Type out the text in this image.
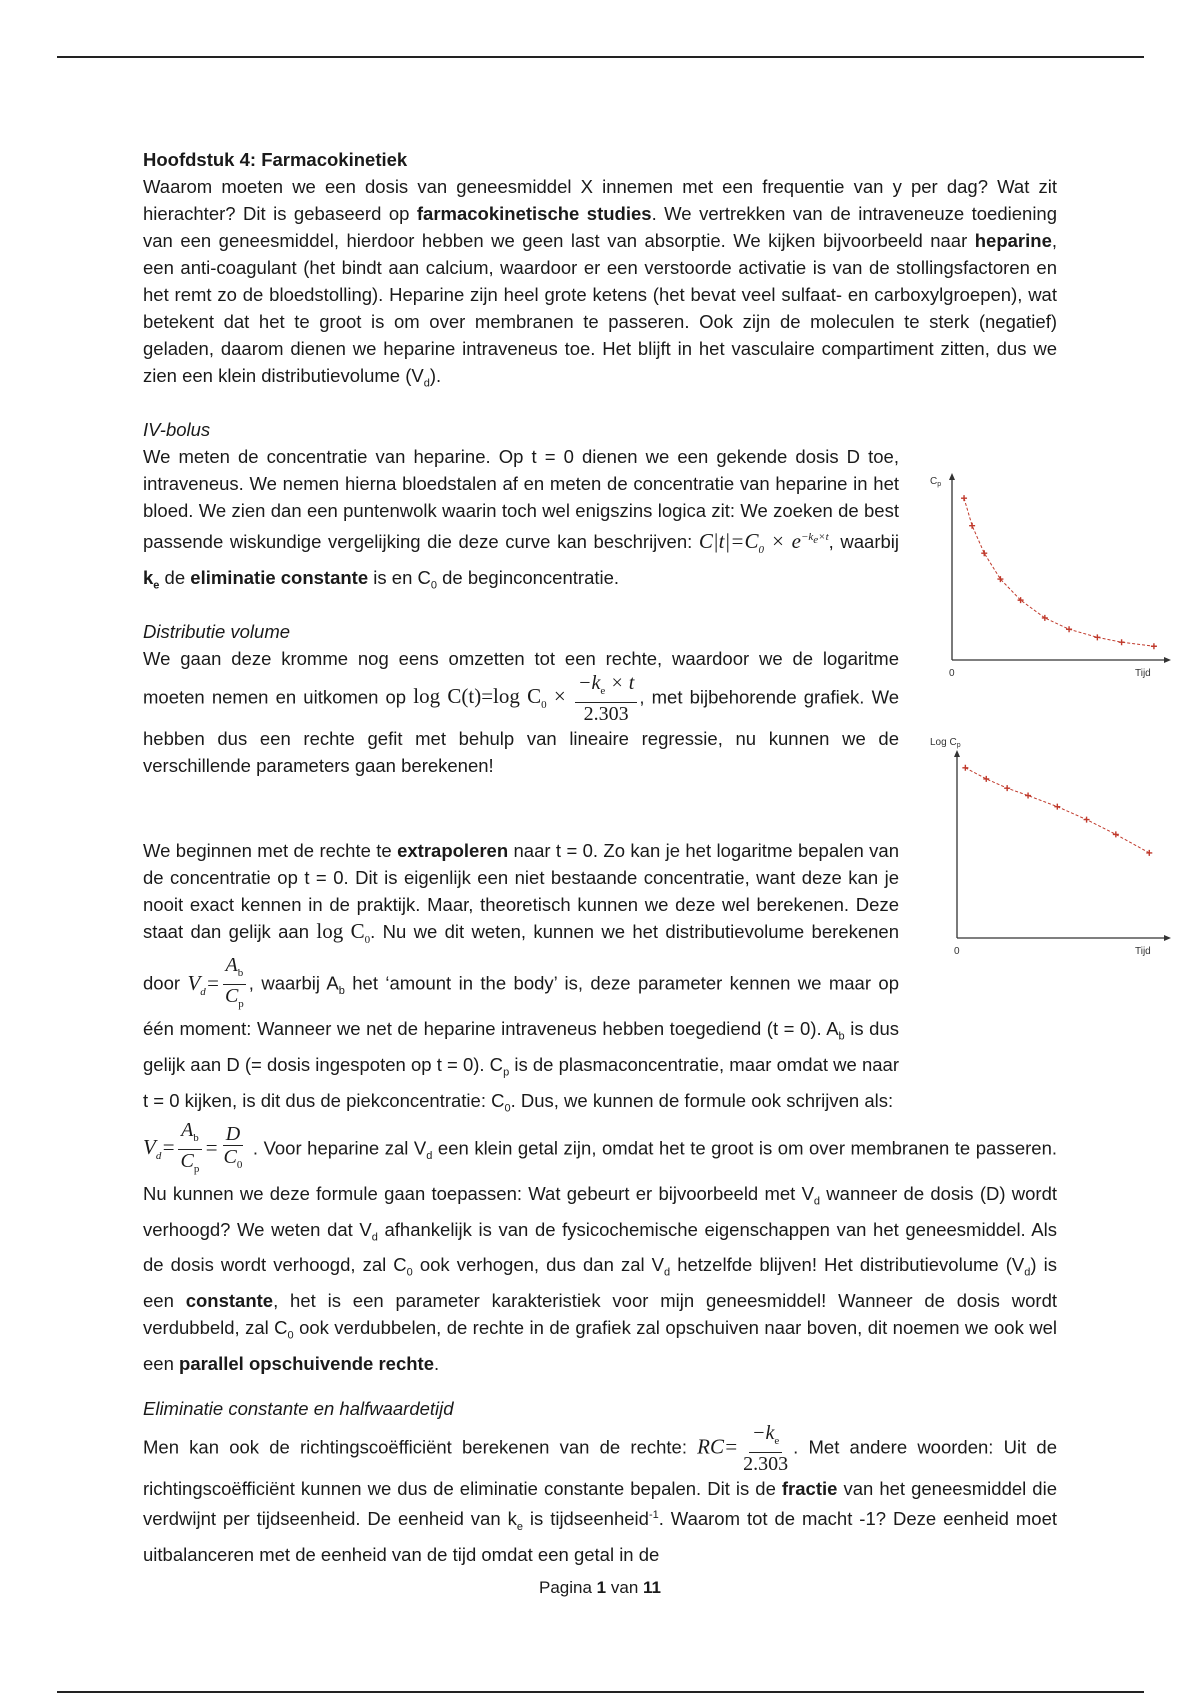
Hoofdstuk 4: Farmacokinetiek

Waarom moeten we een dosis van geneesmiddel X innemen met een frequentie van y per dag? Wat zit hierachter? Dit is gebaseerd op farmacokinetische studies. We vertrekken van de intraveneuze toediening van een geneesmiddel, hierdoor hebben we geen last van absorptie. We kijken bijvoorbeeld naar heparine, een anti-coagulant (het bindt aan calcium, waardoor er een verstoorde activatie is van de stollingsfactoren en het remt zo de bloedstolling). Heparine zijn heel grote ketens (het bevat veel sulfaat- en carboxylgroepen), wat betekent dat het te groot is om over membranen te passeren. Ook zijn de moleculen te sterk (negatief) geladen, daarom dienen we heparine intraveneus toe. Het blijft in het vasculaire compartiment zitten, dus we zien een klein distributievolume $(V_d)$.

IV-bolus

We meten de concentratie van heparine. Op t = 0 dienen we een gekende dosis D toe, intraveneus. We nemen hierna bloedstalen af en meten de concentratie van heparine in het bloed. We zien dan een puntenwolk waarin toch wel enigszins logica zit: We zoeken de best passende wiskundige vergelijking die deze curve kan beschrijven: $C|t|=C_0 \times e^{-k_e\times t}$, waarbij $k_e$ de eliminatie constante is en $C_0$ de beginconcentratie.

Distributie volume

We gaan deze kromme nog eens omzetten tot een rechte, waardoor we de logaritme moeten nemen en uitkomen op log C(t)=log $C_0 \times \frac{-k_e \times t}{2.303}$ , met bijbehorende grafiek. We hebben dus een rechte gefit met behulp van lineaire regressie, nu kunnen we de verschillende parameters gaan berekenen!

We beginnen met de rechte te extrapoleren naar t = 0. Zo kan je het logaritme bepalen van de concentratie op t = 0. Dit is eigenlijk een niet bestaande concentratie, want deze kan je nooit exact kennen in de praktijk. Maar, theoretisch kunnen we deze wel berekenen. Deze staat dan gelijk aan $\log C_0$. Nu we dit weten, kunnen we het distributievolume berekenen door $V_d= \frac{A_b}{C_p}$ , waarbij $A_b$ het ‘amount in the body’ is, deze parameter kennen we maar op één moment: Wanneer we net de heparine intraveneus hebben toegediend (t = 0). $A_b$ is dus gelijk aan D (= dosis ingespoten op t = 0). $C_p$ is de plasmaconcentratie, maar omdat we naar t = 0 kijken, is dit dus de piekconcentratie: $C_0$. Dus, we kunnen de formule ook schrijven als:

$V_d= \frac{A_b}{C_p} = \frac{D}{C_0}$ . Voor heparine zal $V_d$ een klein getal zijn, omdat het te groot is om over membranen te passeren. Nu kunnen we deze formule gaan toepassen: Wat gebeurt er bijvoorbeeld met $V_d$ wanneer de dosis (D) wordt verhoogd? We weten dat $V_d$ afhankelijk is van de fysicochemische eigenschappen van het geneesmiddel. Als de dosis wordt verhoogd, zal $C_0$ ook verhogen, dus dan zal $V_d$ hetzelfde blijven! Het distributievolume $(V_d)$ is een constante, het is een parameter karakteristiek voor mijn geneesmiddel! Wanneer de dosis wordt verdubbeld, zal $C_0$ ook verdubbelen, de rechte in de grafiek zal opschuiven naar boven, dit noemen we ook wel een parallel opschuivende rechte.

Eliminatie constante en halfwaardetijd

Men kan ook de richtingscoëfficiënt berekenen van de rechte: $RC= \frac{-k_e}{2.303}$ . Met andere woorden: Uit de richtingscoëfficiënt kunnen we dus de eliminatie constante bepalen. Dit is de fractie van het geneesmiddel die verdwijnt per tijdseenheid. De eenheid van $k_e$ is tijdseenheid$^{-1}$. Waarom tot de macht -1? Deze eenheid moet uitbalanceren met de eenheid van de tijd omdat een getal in de

$C_p$
0	Tijd
Log $C_p$
0	Tijd
Pagina 1 van 11
